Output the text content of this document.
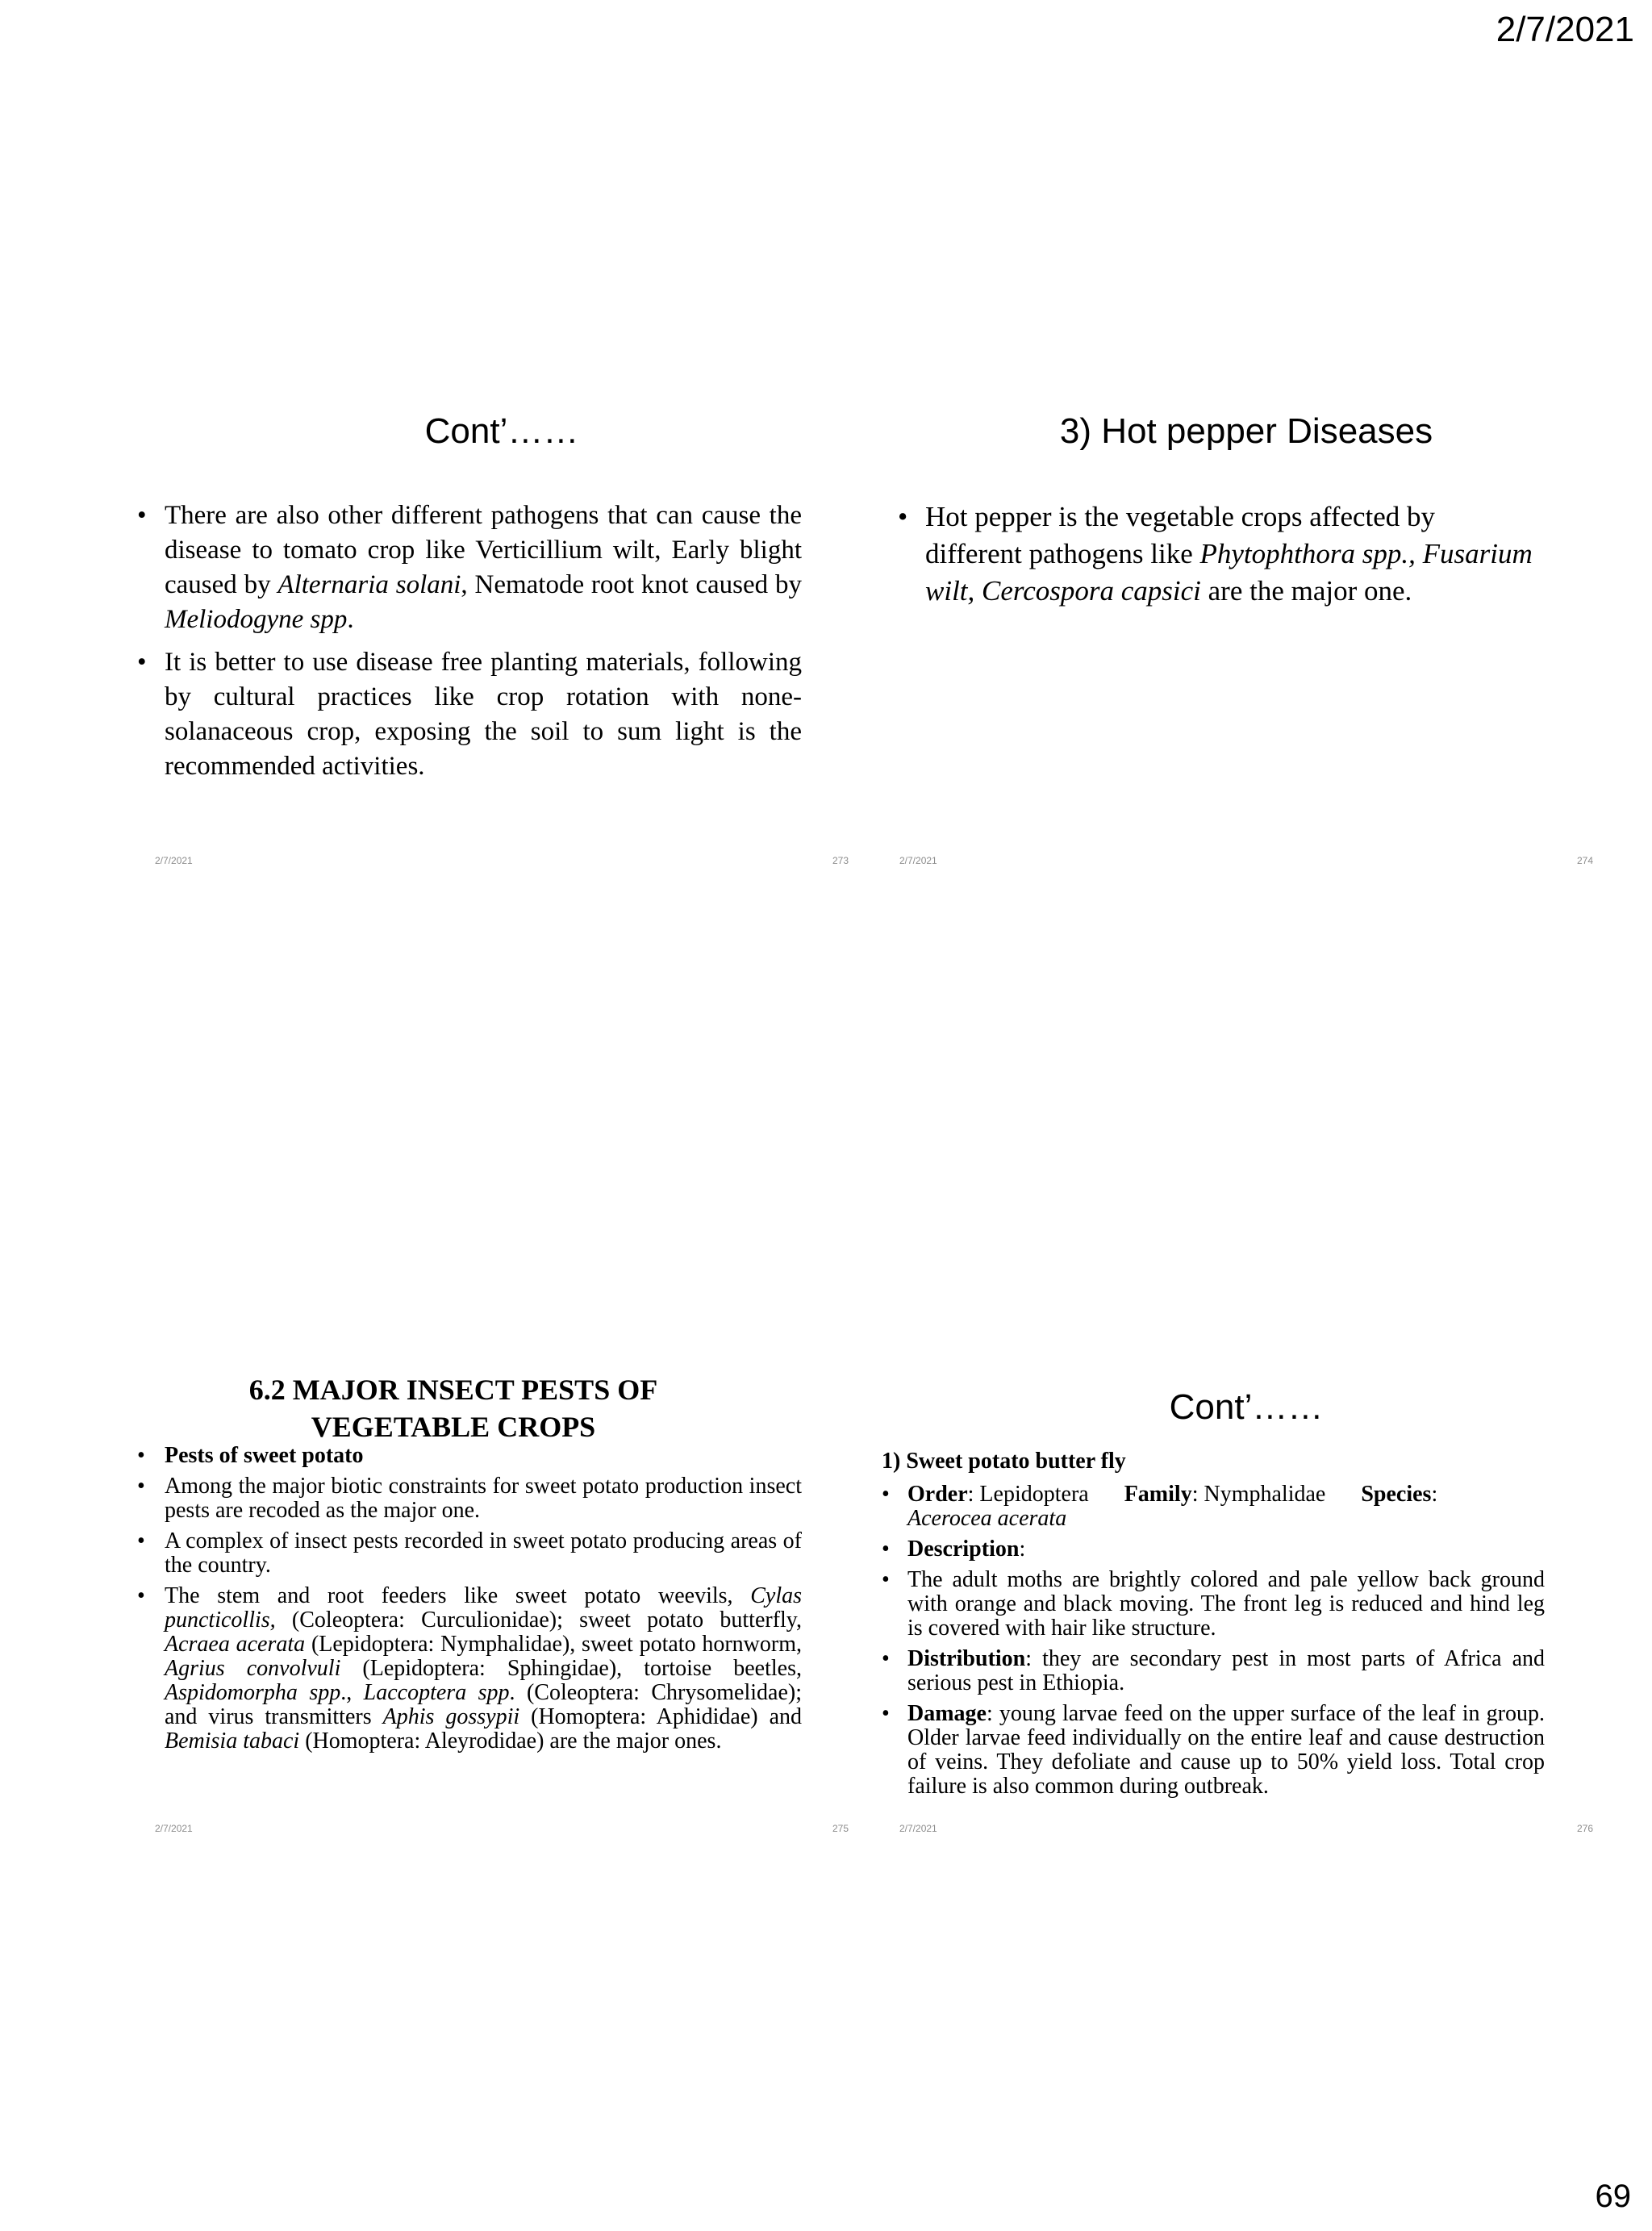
2/7/2021
Cont’……
• There are also other different pathogens that can cause the disease to tomato crop like Verticillium wilt, Early blight caused by Alternaria solani, Nematode root knot caused by Meliodogyne spp.
• It is better to use disease free planting materials, following by cultural practices like crop rotation with none-solanaceous crop, exposing the soil to sum light is the recommended activities.
2/7/2021	273
3) Hot pepper Diseases
• Hot pepper is the vegetable crops affected by different pathogens like Phytophthora spp., Fusarium wilt, Cercospora capsici are the major one.
2/7/2021	274
6.2 MAJOR INSECT PESTS OF
VEGETABLE CROPS
• Pests of sweet potato
• Among the major biotic constraints for sweet potato production insect pests are recoded as the major one.
• A complex of insect pests recorded in sweet potato producing areas of the country.
• The stem and root feeders like sweet potato weevils, Cylas puncticollis, (Coleoptera: Curculionidae); sweet potato butterfly, Acraea acerata (Lepidoptera: Nymphalidae), sweet potato hornworm, Agrius convolvuli (Lepidoptera: Sphingidae), tortoise beetles, Aspidomorpha spp., Laccoptera spp. (Coleoptera: Chrysomelidae); and virus transmitters Aphis gossypii (Homoptera: Aphididae) and Bemisia tabaci (Homoptera: Aleyrodidae) are the major ones.
2/7/2021	275
Cont’……
1) Sweet potato butter fly
• Order: Lepidoptera Family: Nymphalidae Species:
Acerocea acerata
• Description:
• The adult moths are brightly colored and pale yellow back ground with orange and black moving. The front leg is reduced and hind leg is covered with hair like structure.
• Distribution: they are secondary pest in most parts of Africa and serious pest in Ethiopia.
• Damage: young larvae feed on the upper surface of the leaf in group. Older larvae feed individually on the entire leaf and cause destruction of veins. They defoliate and cause up to 50% yield loss. Total crop failure is also common during outbreak.
2/7/2021	276
69
